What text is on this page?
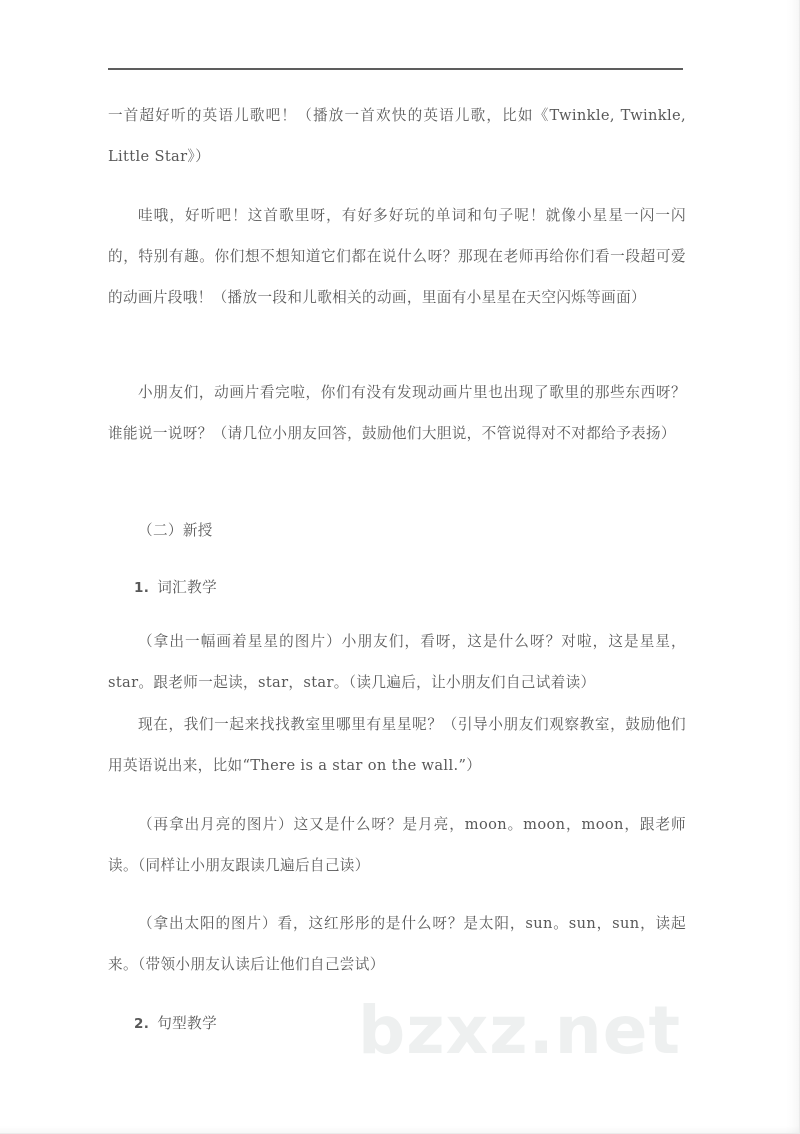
bzxz.net

一首超好听的英语儿歌吧！（播放一首欢快的英语儿歌，比如《Twinkle, Twinkle, Little Star》）

哇哦，好听吧！这首歌里呀，有好多好玩的单词和句子呢！就像小星星一闪一闪的，特别有趣。你们想不想知道它们都在说什么呀？那现在老师再给你们看一段超可爱的动画片段哦！（播放一段和儿歌相关的动画，里面有小星星在天空闪烁等画面）

小朋友们，动画片看完啦，你们有没有发现动画片里也出现了歌里的那些东西呀？谁能说一说呀？（请几位小朋友回答，鼓励他们大胆说，不管说得对不对都给予表扬）

（二）新授

1. 词汇教学

（拿出一幅画着星星的图片）小朋友们，看呀，这是什么呀？对啦，这是星星，star。跟老师一起读，star，star。（读几遍后，让小朋友们自己试着读）

现在，我们一起来找找教室里哪里有星星呢？（引导小朋友们观察教室，鼓励他们用英语说出来，比如“There is a star on the wall.”）

（再拿出月亮的图片）这又是什么呀？是月亮，moon。moon，moon，跟老师读。（同样让小朋友跟读几遍后自己读）

（拿出太阳的图片）看，这红彤彤的是什么呀？是太阳，sun。sun，sun，读起来。（带领小朋友认读后让他们自己尝试）

2. 句型教学
